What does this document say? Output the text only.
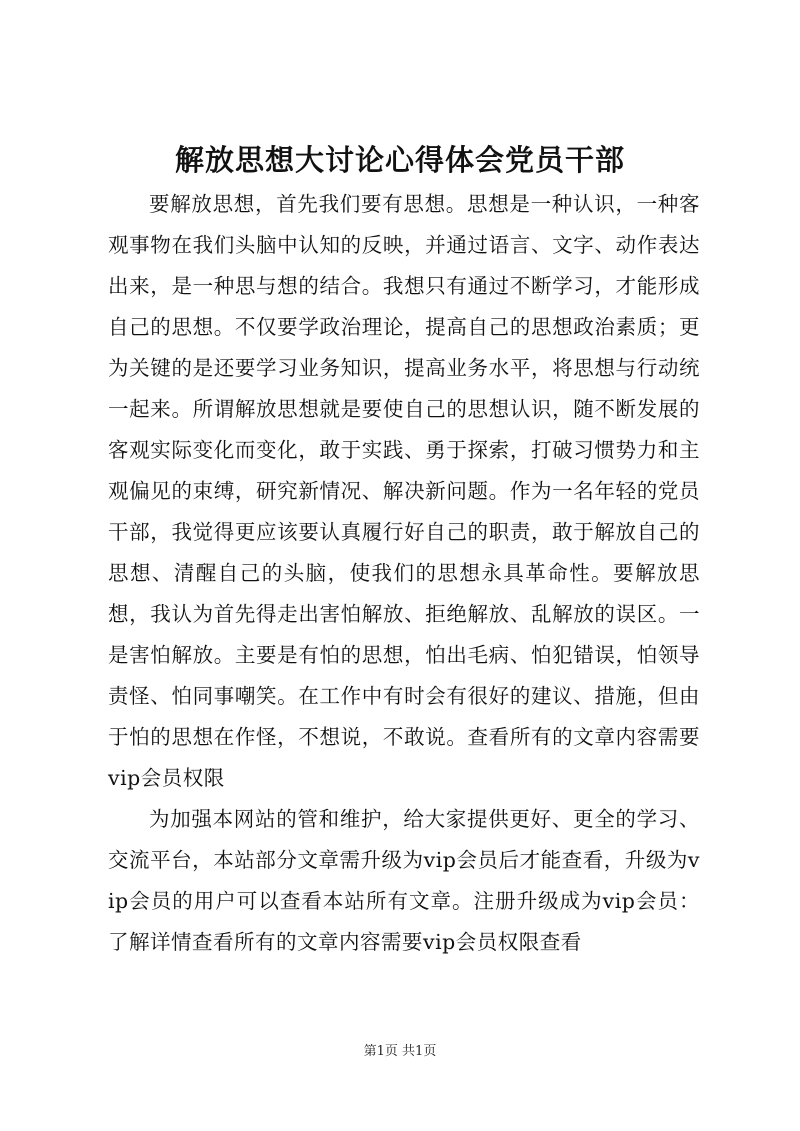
解放思想大讨论心得体会党员干部

要解放思想，首先我们要有思想。思想是一种认识，一种客观事物在我们头脑中认知的反映，并通过语言、文字、动作表达出来，是一种思与想的结合。我想只有通过不断学习，才能形成自己的思想。不仅要学政治理论，提高自己的思想政治素质；更为关键的是还要学习业务知识，提高业务水平，将思想与行动统一起来。所谓解放思想就是要使自己的思想认识，随不断发展的客观实际变化而变化，敢于实践、勇于探索，打破习惯势力和主观偏见的束缚，研究新情况、解决新问题。作为一名年轻的党员干部，我觉得更应该要认真履行好自己的职责，敢于解放自己的思想、清醒自己的头脑，使我们的思想永具革命性。要解放思想，我认为首先得走出害怕解放、拒绝解放、乱解放的误区。一是害怕解放。主要是有怕的思想，怕出毛病、怕犯错误，怕领导责怪、怕同事嘲笑。在工作中有时会有很好的建议、措施，但由于怕的思想在作怪，不想说，不敢说。查看所有的文章内容需要vip会员权限

为加强本网站的管和维护，给大家提供更好、更全的学习、交流平台，本站部分文章需升级为vip会员后才能查看，升级为vip会员的用户可以查看本站所有文章。注册升级成为vip会员：了解详情查看所有的文章内容需要vip会员权限查看

第1页 共1页
